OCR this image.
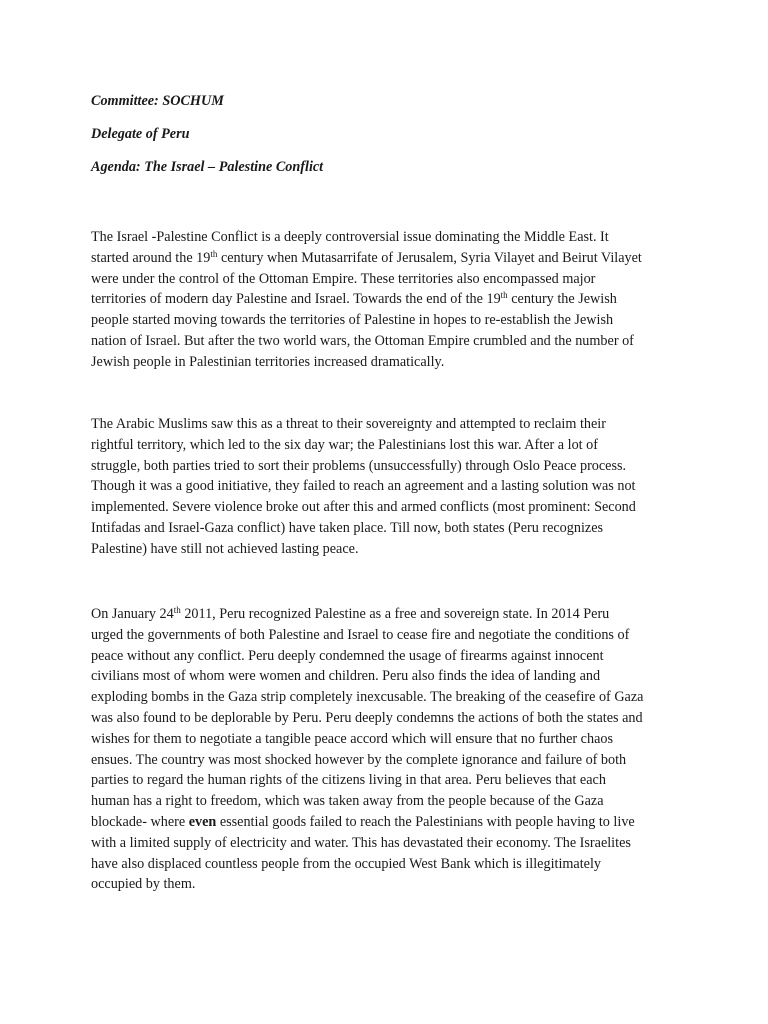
Committee: SOCHUM
Delegate of Peru
Agenda: The Israel – Palestine Conflict
The Israel -Palestine Conflict is a deeply controversial issue dominating the Middle East. It
started around the 19th century when Mutasarrifate of Jerusalem, Syria Vilayet and Beirut Vilayet
were under the control of the Ottoman Empire. These territories also encompassed major
territories of modern day Palestine and Israel. Towards the end of the 19th century the Jewish
people started moving towards the territories of Palestine in hopes to re-establish the Jewish
nation of Israel. But after the two world wars, the Ottoman Empire crumbled and the number of
Jewish people in Palestinian territories increased dramatically.
The Arabic Muslims saw this as a threat to their sovereignty and attempted to reclaim their
rightful territory, which led to the six day war; the Palestinians lost this war. After a lot of
struggle, both parties tried to sort their problems (unsuccessfully) through Oslo Peace process.
Though it was a good initiative, they failed to reach an agreement and a lasting solution was not
implemented. Severe violence broke out after this and armed conflicts (most prominent: Second
Intifadas and Israel-Gaza conflict) have taken place. Till now, both states (Peru recognizes
Palestine) have still not achieved lasting peace.
On January 24th 2011, Peru recognized Palestine as a free and sovereign state. In 2014 Peru
urged the governments of both Palestine and Israel to cease fire and negotiate the conditions of
peace without any conflict. Peru deeply condemned the usage of firearms against innocent
civilians most of whom were women and children. Peru also finds the idea of landing and
exploding bombs in the Gaza strip completely inexcusable. The breaking of the ceasefire of Gaza
was also found to be deplorable by Peru. Peru deeply condemns the actions of both the states and
wishes for them to negotiate a tangible peace accord which will ensure that no further chaos
ensues. The country was most shocked however by the complete ignorance and failure of both
parties to regard the human rights of the citizens living in that area. Peru believes that each
human has a right to freedom, which was taken away from the people because of the Gaza
blockade- where even essential goods failed to reach the Palestinians with people having to live
with a limited supply of electricity and water. This has devastated their economy. The Israelites
have also displaced countless people from the occupied West Bank which is illegitimately
occupied by them.
